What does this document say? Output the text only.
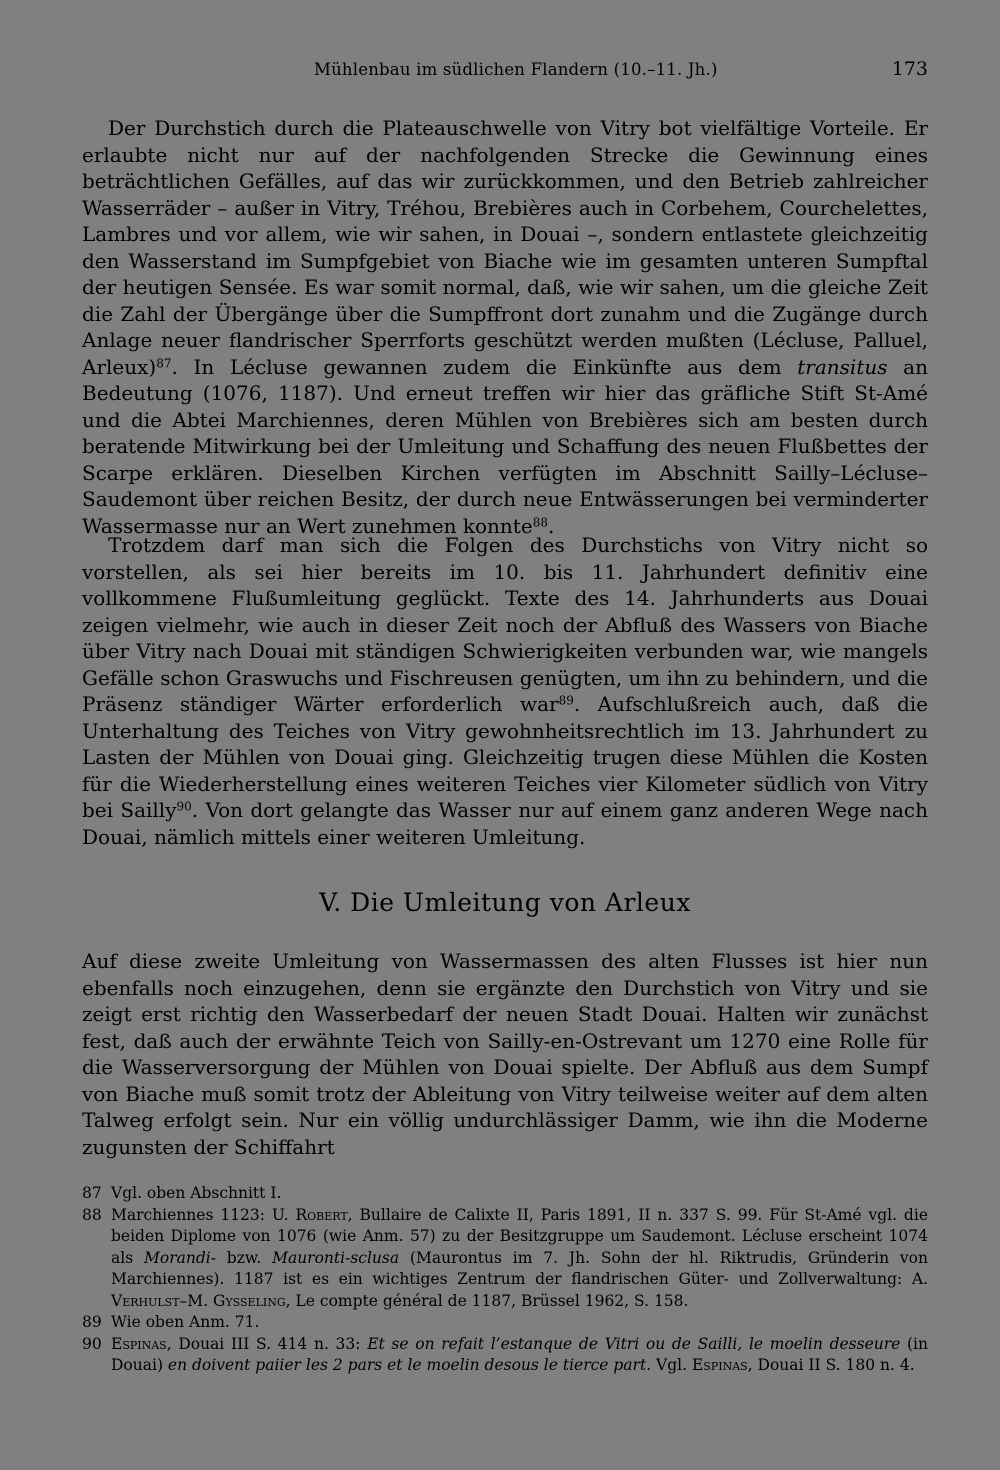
Mühlenbau im südlichen Flandern (10.–11. Jh.)	173

Der Durchstich durch die Plateauschwelle von Vitry bot vielfältige Vorteile. Er erlaubte nicht nur auf der nachfolgenden Strecke die Gewinnung eines beträchtlichen Gefälles, auf das wir zurückkommen, und den Betrieb zahlreicher Wasserräder – außer in Vitry, Tréhou, Brebières auch in Corbehem, Courchelettes, Lambres und vor allem, wie wir sahen, in Douai –, sondern entlastete gleichzeitig den Wasserstand im Sumpfgebiet von Biache wie im gesamten unteren Sumpftal der heutigen Sensée. Es war somit normal, daß, wie wir sahen, um die gleiche Zeit die Zahl der Übergänge über die Sumpffront dort zunahm und die Zugänge durch Anlage neuer flandrischer Sperrforts geschützt werden mußten (Lécluse, Palluel, Arleux)$^{87}$. In Lécluse gewannen zudem die Einkünfte aus dem transitus an Bedeutung (1076, 1187). Und erneut treffen wir hier das gräfliche Stift St-Amé und die Abtei Marchiennes, deren Mühlen von Brebières sich am besten durch beratende Mitwirkung bei der Umleitung und Schaffung des neuen Flußbettes der Scarpe erklären. Dieselben Kirchen verfügten im Abschnitt Sailly–Lécluse–Saudemont über reichen Besitz, der durch neue Entwässerungen bei verminderter Wassermasse nur an Wert zunehmen konnte$^{88}$.

Trotzdem darf man sich die Folgen des Durchstichs von Vitry nicht so vorstellen, als sei hier bereits im 10. bis 11. Jahrhundert definitiv eine vollkommene Flußumleitung geglückt. Texte des 14. Jahrhunderts aus Douai zeigen vielmehr, wie auch in dieser Zeit noch der Abfluß des Wassers von Biache über Vitry nach Douai mit ständigen Schwierigkeiten verbunden war, wie mangels Gefälle schon Graswuchs und Fischreusen genügten, um ihn zu behindern, und die Präsenz ständiger Wärter erforderlich war$^{89}$. Aufschlußreich auch, daß die Unterhaltung des Teiches von Vitry gewohnheitsrechtlich im 13. Jahrhundert zu Lasten der Mühlen von Douai ging. Gleichzeitig trugen diese Mühlen die Kosten für die Wiederherstellung eines weiteren Teiches vier Kilometer südlich von Vitry bei Sailly$^{90}$. Von dort gelangte das Wasser nur auf einem ganz anderen Wege nach Douai, nämlich mittels einer weiteren Umleitung.

V. Die Umleitung von Arleux

Auf diese zweite Umleitung von Wassermassen des alten Flusses ist hier nun ebenfalls noch einzugehen, denn sie ergänzte den Durchstich von Vitry und sie zeigt erst richtig den Wasserbedarf der neuen Stadt Douai. Halten wir zunächst fest, daß auch der erwähnte Teich von Sailly-en-Ostrevant um 1270 eine Rolle für die Wasserversorgung der Mühlen von Douai spielte. Der Abfluß aus dem Sumpf von Biache muß somit trotz der Ableitung von Vitry teilweise weiter auf dem alten Talweg erfolgt sein. Nur ein völlig undurchlässiger Damm, wie ihn die Moderne zugunsten der Schiffahrt

87 Vgl. oben Abschnitt I.
88 Marchiennes 1123: U. Robert, Bullaire de Calixte II, Paris 1891, II n. 337 S. 99. Für St-Amé vgl. die beiden Diplome von 1076 (wie Anm. 57) zu der Besitzgruppe um Saudemont. Lécluse erscheint 1074 als Morandi- bzw. Mauronti-sclusa (Maurontus im 7. Jh. Sohn der hl. Riktrudis, Gründerin von Marchiennes). 1187 ist es ein wichtiges Zentrum der flandrischen Güter- und Zollverwaltung: A. Verhulst–M. Gysseling, Le compte général de 1187, Brüssel 1962, S. 158.
89 Wie oben Anm. 71.
90 Espinas, Douai III S. 414 n. 33: Et se on refait l’estanque de Vitri ou de Sailli, le moelin desseure (in Douai) en doivent paiier les 2 pars et le moelin desous le tierce part. Vgl. Espinas, Douai II S. 180 n. 4.
